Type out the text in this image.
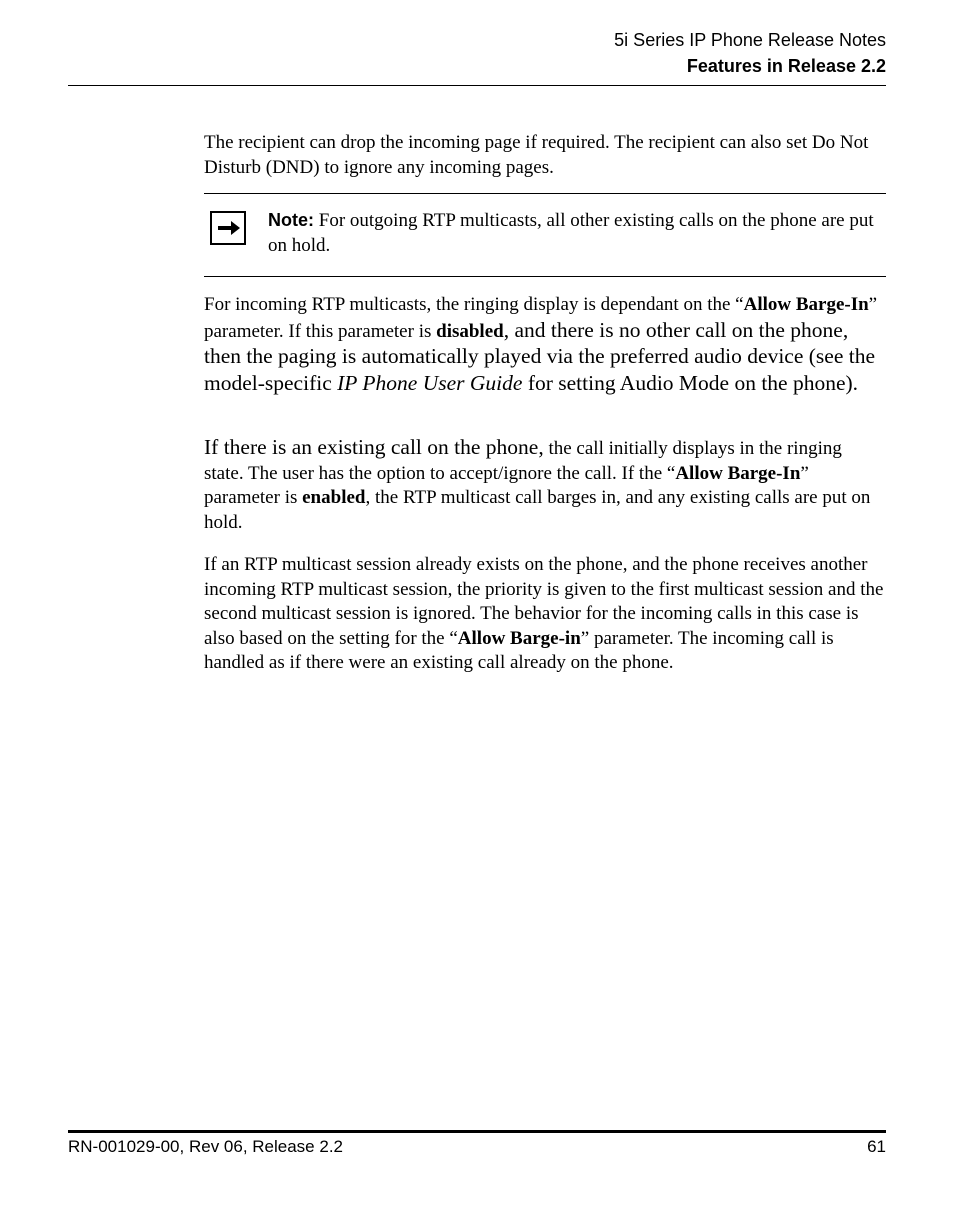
5i Series IP Phone Release Notes
Features in Release 2.2

The recipient can drop the incoming page if required. The recipient can also set Do Not Disturb (DND) to ignore any incoming pages.

Note: For outgoing RTP multicasts, all other existing calls on the phone are put on hold.

For incoming RTP multicasts, the ringing display is dependant on the “Allow Barge-In” parameter. If this parameter is disabled, and there is no other call on the phone, then the paging is automatically played via the preferred audio device (see the model-specific IP Phone User Guide for setting Audio Mode on the phone).

If there is an existing call on the phone, the call initially displays in the ringing state. The user has the option to accept/ignore the call. If the “Allow Barge-In” parameter is enabled, the RTP multicast call barges in, and any existing calls are put on hold.

If an RTP multicast session already exists on the phone, and the phone receives another incoming RTP multicast session, the priority is given to the first multicast session and the second multicast session is ignored. The behavior for the incoming calls in this case is also based on the setting for the “Allow Barge-in” parameter. The incoming call is handled as if there were an existing call already on the phone.

RN-001029-00, Rev 06, Release 2.2	61
